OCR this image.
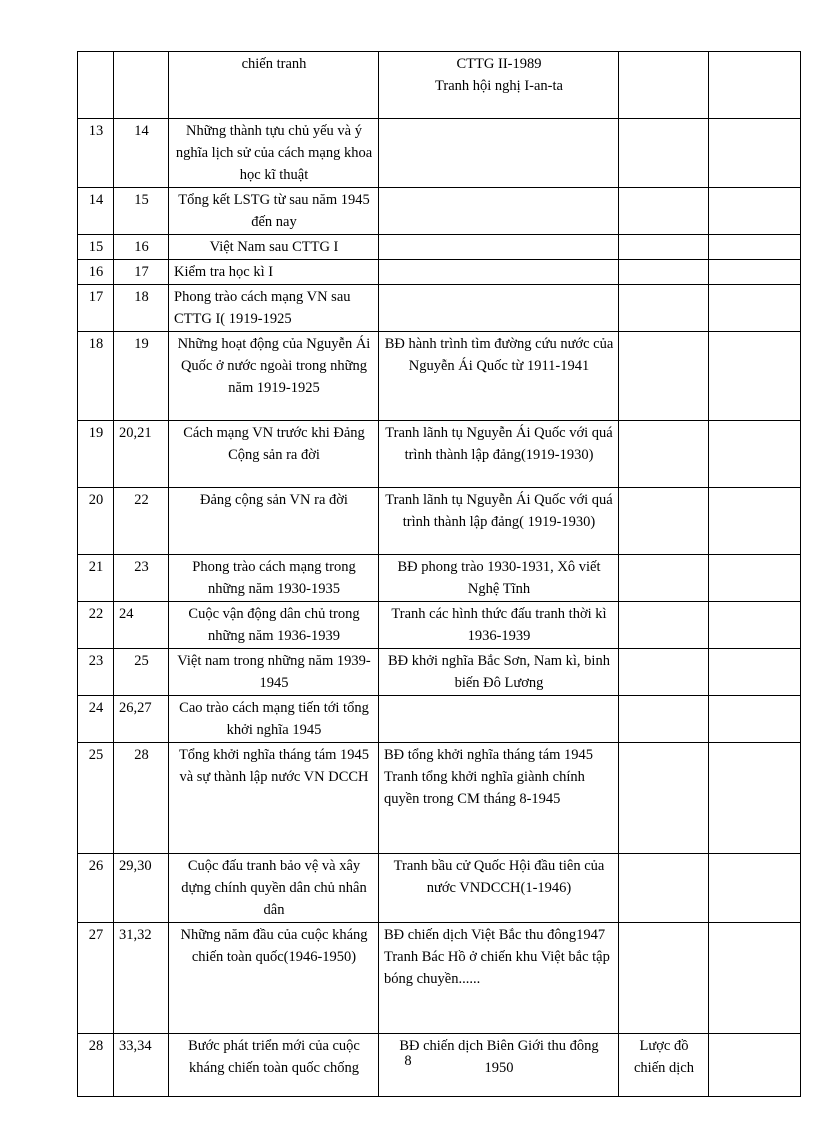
		chiến tranh	CTTG II-1989
Tranh hội nghị I-an-ta		
13	14	Những thành tựu chủ yếu và ý nghĩa lịch sử của cách mạng khoa học kĩ thuật			
14	15	Tổng kết LSTG từ sau năm 1945 đến nay			
15	16	Việt Nam sau CTTG I			
16	17	Kiểm tra học kì I			
17	18	Phong trào cách mạng VN sau CTTG I( 1919-1925			
18	19	Những hoạt động của Nguyễn Ái Quốc ở nước ngoài trong những năm 1919-1925	BĐ hành trình tìm đường cứu nước của Nguyễn Ái Quốc từ 1911-1941		
19	20,21	Cách mạng VN trước khi Đảng Cộng sản ra đời	Tranh lãnh tụ Nguyễn Ái Quốc với quá trình thành lập đảng(1919-1930)		
20	22	Đảng cộng sản VN ra đời	Tranh lãnh tụ Nguyễn Ái Quốc với quá trình thành lập đảng( 1919-1930)		
21	23	Phong trào cách mạng trong những năm 1930-1935	BĐ phong trào 1930-1931, Xô viết Nghệ Tĩnh		
22	24	Cuộc vận động dân chủ trong những năm 1936-1939	Tranh các hình thức đấu tranh thời kì 1936-1939		
23	25	Việt nam trong những năm 1939-1945	BĐ khởi nghĩa Bắc Sơn, Nam kì, binh biến Đô Lương		
24	26,27	Cao trào cách mạng tiến tới tổng khởi nghĩa 1945			
25	28	Tổng khởi nghĩa tháng tám 1945 và sự thành lập nước VN DCCH	BĐ tổng khởi nghĩa tháng tám 1945
Tranh tổng khởi nghĩa giành chính quyền trong CM tháng 8-1945		
26	29,30	Cuộc đấu tranh bảo vệ và xây dựng chính quyền dân chủ nhân dân	Tranh bầu cử Quốc Hội đầu tiên của nước VNDCCH(1-1946)		
27	31,32	Những năm đầu của cuộc kháng chiến toàn quốc(1946-1950)	BĐ chiến dịch Việt Bắc thu đông1947
Tranh Bác Hồ ở chiến khu Việt bắc tập bóng chuyền......		
28	33,34	Bước phát triển mới của cuộc kháng chiến toàn quốc chống	BĐ chiến dịch Biên Giới thu đông 1950	Lược đồ chiến dịch	
8
